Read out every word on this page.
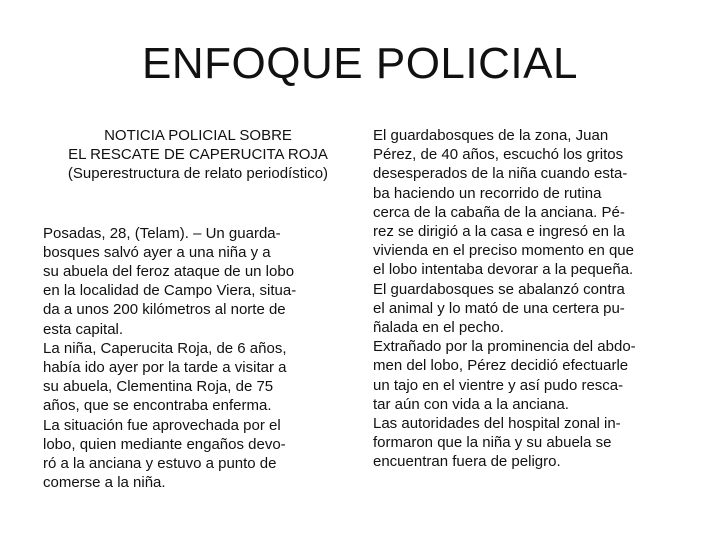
ENFOQUE POLICIAL
NOTICIA POLICIAL SOBRE
EL RESCATE DE CAPERUCITA ROJA
(Superestructura de relato periodístico)
Posadas, 28, (Telam). – Un guarda-
bosques salvó ayer a una niña y a
su abuela del feroz ataque de un lobo
en la localidad de Campo Viera, situa-
da a unos 200 kilómetros al norte de
esta capital.
La niña, Caperucita Roja, de 6 años,
había ido ayer por la tarde a visitar a
su abuela, Clementina Roja, de 75
años, que se encontraba enferma.
La situación fue aprovechada por el
lobo, quien mediante engaños devo-
ró a la anciana y estuvo a punto de
comerse a la niña.
El guardabosques de la zona, Juan
Pérez, de 40 años, escuchó los gritos
desesperados de la niña cuando esta-
ba haciendo un recorrido de rutina
cerca de la cabaña de la anciana. Pé-
rez se dirigió a la casa e ingresó en la
vivienda en el preciso momento en que
el lobo intentaba devorar a la pequeña.
El guardabosques se abalanzó contra
el animal y lo mató de una certera pu-
ñalada en el pecho.
Extrañado por la prominencia del abdo-
men del lobo, Pérez decidió efectuarle
un tajo en el vientre y así pudo resca-
tar aún con vida a la anciana.
Las autoridades del hospital zonal in-
formaron que la niña y su abuela se
encuentran fuera de peligro.
